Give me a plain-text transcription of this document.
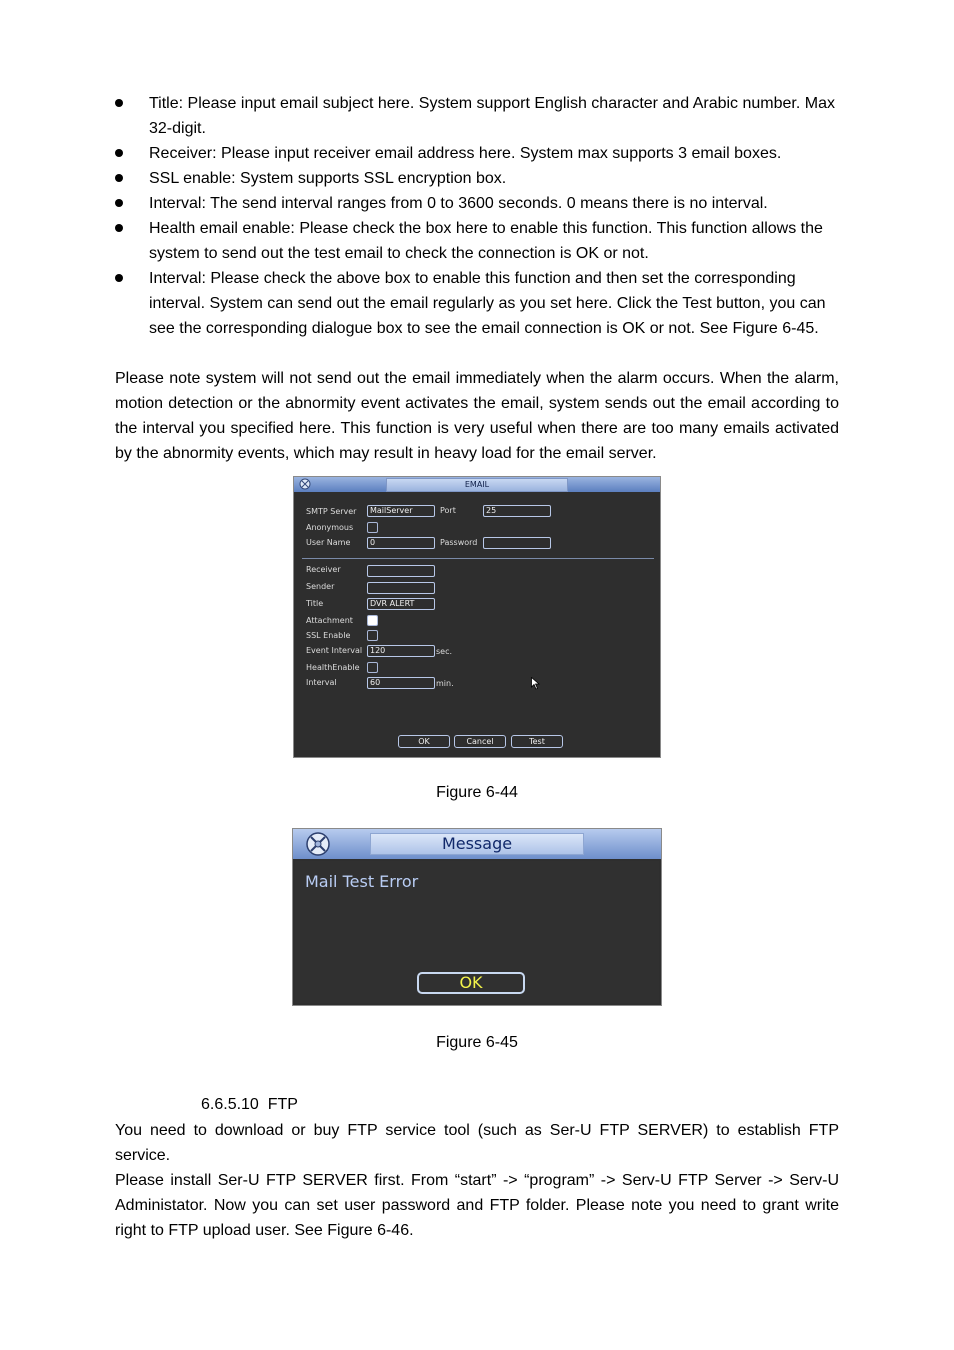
Title: Please input email subject here. System support English character and Arabic number. Max 32-digit.
Receiver: Please input receiver email address here. System max supports 3 email boxes.
SSL enable: System supports SSL encryption box.
Interval: The send interval ranges from 0 to 3600 seconds. 0 means there is no interval.
Health email enable: Please check the box here to enable this function. This function allows the system to send out the test email to check the connection is OK or not.
Interval: Please check the above box to enable this function and then set the corresponding interval. System can send out the email regularly as you set here. Click the Test button, you can see the corresponding dialogue box to see the email connection is OK or not. See Figure 6-45.

Please note system will not send out the email immediately when the alarm occurs. When the alarm, motion detection or the abnormity event activates the email, system sends out the email according to the interval you specified here. This function is very useful when there are too many emails activated by the abnormity events, which may result in heavy load for the email server.

EMAIL
SMTP Server	MailServer	Port	25
Anonymous
User Name	0	Password
Receiver
Sender
Title	DVR ALERT
Attachment
SSL Enable
Event Interval 120	sec.
HealthEnable
Interval	60	min.
OK	Cancel	Test
Figure 6-44
Message
Mail Test Error
OK
Figure 6-45
6.6.5.10  FTP

You need to download or buy FTP service tool (such as Ser-U FTP SERVER) to establish FTP service.

Please install Ser-U FTP SERVER first. From “start” -> “program” -> Serv-U FTP Server -> Serv-U Administator. Now you can set user password and FTP folder. Please note you need to grant write right to FTP upload user. See Figure 6-46.
